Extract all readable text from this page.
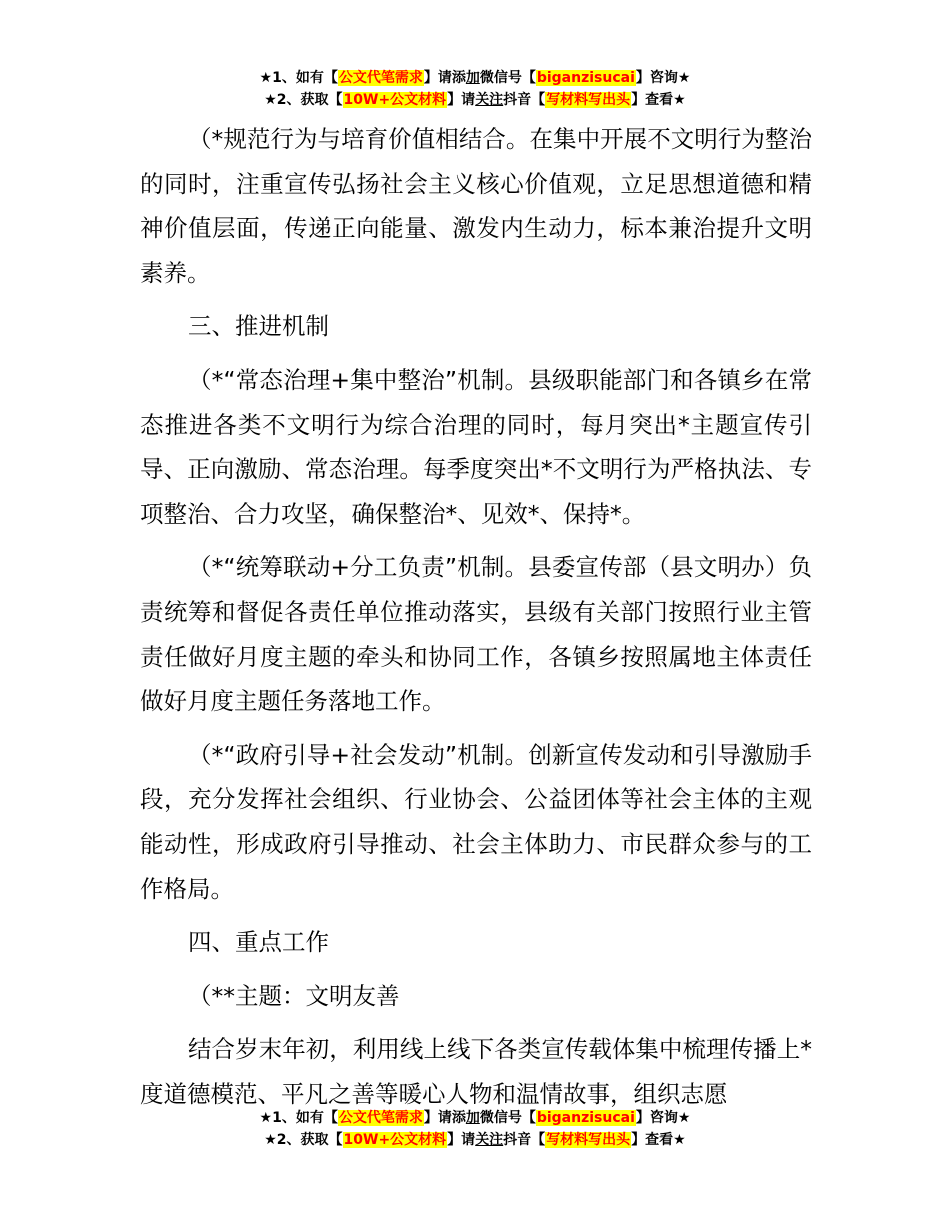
★1、如有【公文代笔需求】请添加微信号【biganzisucai】咨询★
★2、获取【10W+公文材料】请关注抖音【写材料写出头】查看★

（*规范行为与培育价值相结合。在集中开展不文明行为整治的同时，注重宣传弘扬社会主义核心价值观，立足思想道德和精神价值层面，传递正向能量、激发内生动力，标本兼治提升文明素养。

三、推进机制

（*“常态治理+集中整治”机制。县级职能部门和各镇乡在常态推进各类不文明行为综合治理的同时，每月突出*主题宣传引导、正向激励、常态治理。每季度突出*不文明行为严格执法、专项整治、合力攻坚，确保整治*、见效*、保持*。

（*“统筹联动+分工负责”机制。县委宣传部（县文明办）负责统筹和督促各责任单位推动落实，县级有关部门按照行业主管责任做好月度主题的牵头和协同工作，各镇乡按照属地主体责任做好月度主题任务落地工作。

（*“政府引导+社会发动”机制。创新宣传发动和引导激励手段，充分发挥社会组织、行业协会、公益团体等社会主体的主观能动性，形成政府引导推动、社会主体助力、市民群众参与的工作格局。

四、重点工作

（**主题：文明友善

结合岁末年初，利用线上线下各类宣传载体集中梳理传播上*度道德模范、平凡之善等暖心人物和温情故事，组织志愿

★1、如有【公文代笔需求】请添加微信号【biganzisucai】咨询★
★2、获取【10W+公文材料】请关注抖音【写材料写出头】查看★
